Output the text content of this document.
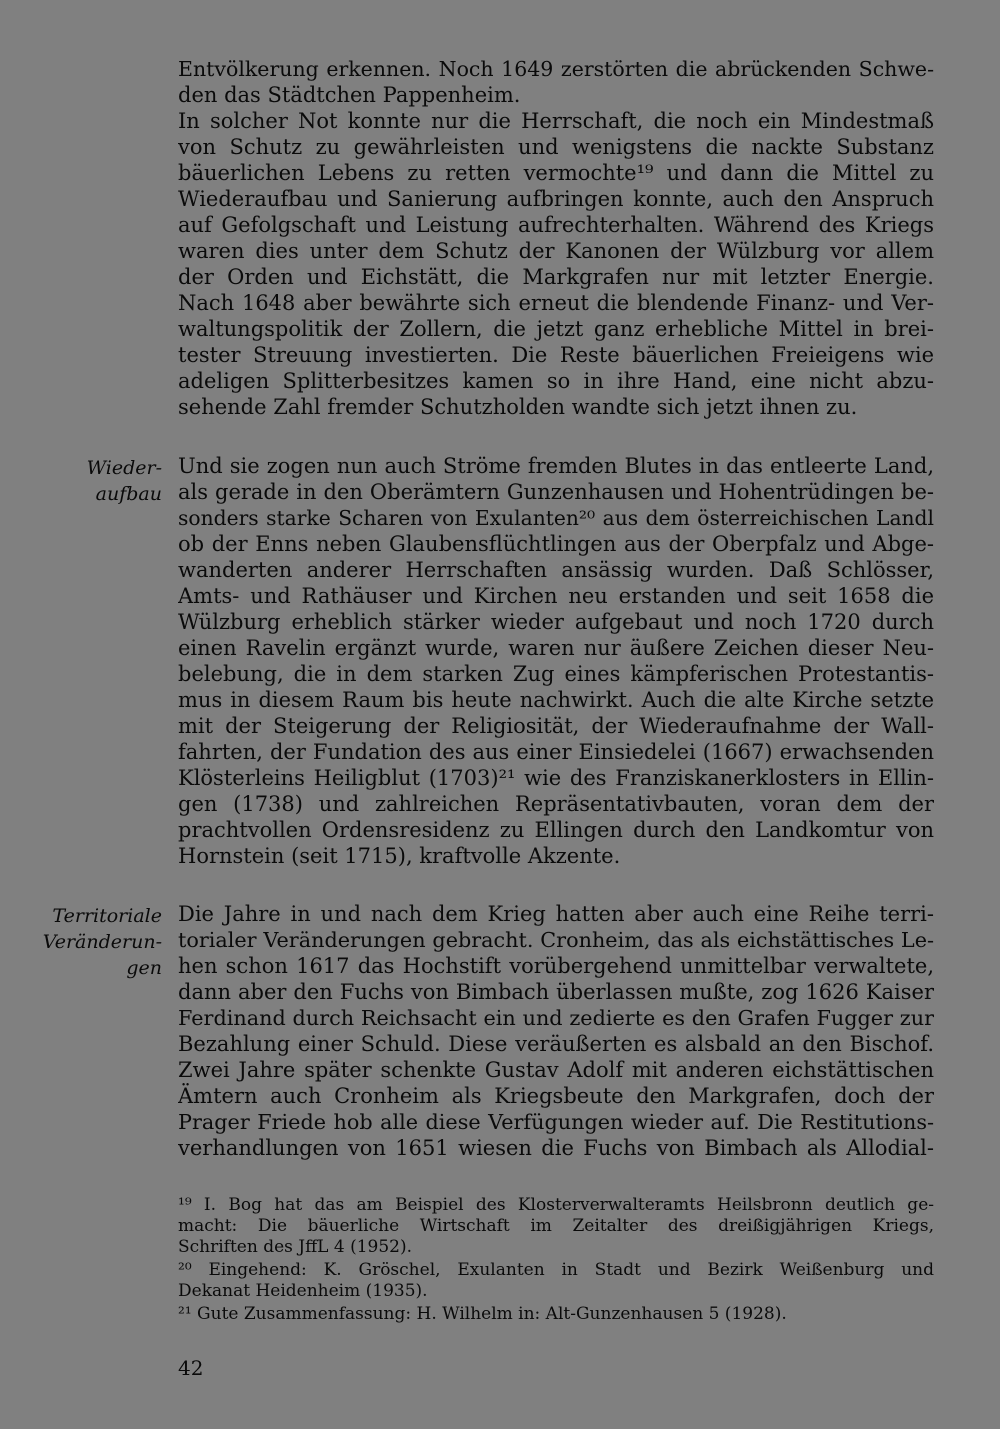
Entvölkerung erkennen. Noch 1649 zerstörten die abrückenden Schwe-
den das Städtchen Pappenheim.
In solcher Not konnte nur die Herrschaft, die noch ein Mindestmaß
von Schutz zu gewährleisten und wenigstens die nackte Substanz
bäuerlichen Lebens zu retten vermochte¹⁹ und dann die Mittel zu
Wiederaufbau und Sanierung aufbringen konnte, auch den Anspruch
auf Gefolgschaft und Leistung aufrechterhalten. Während des Kriegs
waren dies unter dem Schutz der Kanonen der Wülzburg vor allem
der Orden und Eichstätt, die Markgrafen nur mit letzter Energie.
Nach 1648 aber bewährte sich erneut die blendende Finanz- und Ver-
waltungspolitik der Zollern, die jetzt ganz erhebliche Mittel in brei-
tester Streuung investierten. Die Reste bäuerlichen Freieigens wie
adeligen Splitterbesitzes kamen so in ihre Hand, eine nicht abzu-
sehende Zahl fremder Schutzholden wandte sich jetzt ihnen zu.
Wieder-
aufbau
Und sie zogen nun auch Ströme fremden Blutes in das entleerte Land,
als gerade in den Oberämtern Gunzenhausen und Hohentrüdingen be-
sonders starke Scharen von Exulanten²⁰ aus dem österreichischen Landl
ob der Enns neben Glaubensflüchtlingen aus der Oberpfalz und Abge-
wanderten anderer Herrschaften ansässig wurden. Daß Schlösser,
Amts- und Rathäuser und Kirchen neu erstanden und seit 1658 die
Wülzburg erheblich stärker wieder aufgebaut und noch 1720 durch
einen Ravelin ergänzt wurde, waren nur äußere Zeichen dieser Neu-
belebung, die in dem starken Zug eines kämpferischen Protestantis-
mus in diesem Raum bis heute nachwirkt. Auch die alte Kirche setzte
mit der Steigerung der Religiosität, der Wiederaufnahme der Wall-
fahrten, der Fundation des aus einer Einsiedelei (1667) erwachsenden
Klösterleins Heiligblut (1703)²¹ wie des Franziskanerklosters in Ellin-
gen (1738) und zahlreichen Repräsentativbauten, voran dem der
prachtvollen Ordensresidenz zu Ellingen durch den Landkomtur von
Hornstein (seit 1715), kraftvolle Akzente.
Territoriale
Veränderun-
gen
Die Jahre in und nach dem Krieg hatten aber auch eine Reihe terri-
torialer Veränderungen gebracht. Cronheim, das als eichstättisches Le-
hen schon 1617 das Hochstift vorübergehend unmittelbar verwaltete,
dann aber den Fuchs von Bimbach überlassen mußte, zog 1626 Kaiser
Ferdinand durch Reichsacht ein und zedierte es den Grafen Fugger zur
Bezahlung einer Schuld. Diese veräußerten es alsbald an den Bischof.
Zwei Jahre später schenkte Gustav Adolf mit anderen eichstättischen
Ämtern auch Cronheim als Kriegsbeute den Markgrafen, doch der
Prager Friede hob alle diese Verfügungen wieder auf. Die Restitutions-
verhandlungen von 1651 wiesen die Fuchs von Bimbach als Allodial-
¹⁹ I. Bog hat das am Beispiel des Klosterverwalteramts Heilsbronn deutlich ge-
macht: Die bäuerliche Wirtschaft im Zeitalter des dreißigjährigen Kriegs,
Schriften des JffL 4 (1952).
²⁰ Eingehend: K. Gröschel, Exulanten in Stadt und Bezirk Weißenburg und
Dekanat Heidenheim (1935).
²¹ Gute Zusammenfassung: H. Wilhelm in: Alt-Gunzenhausen 5 (1928).
42
